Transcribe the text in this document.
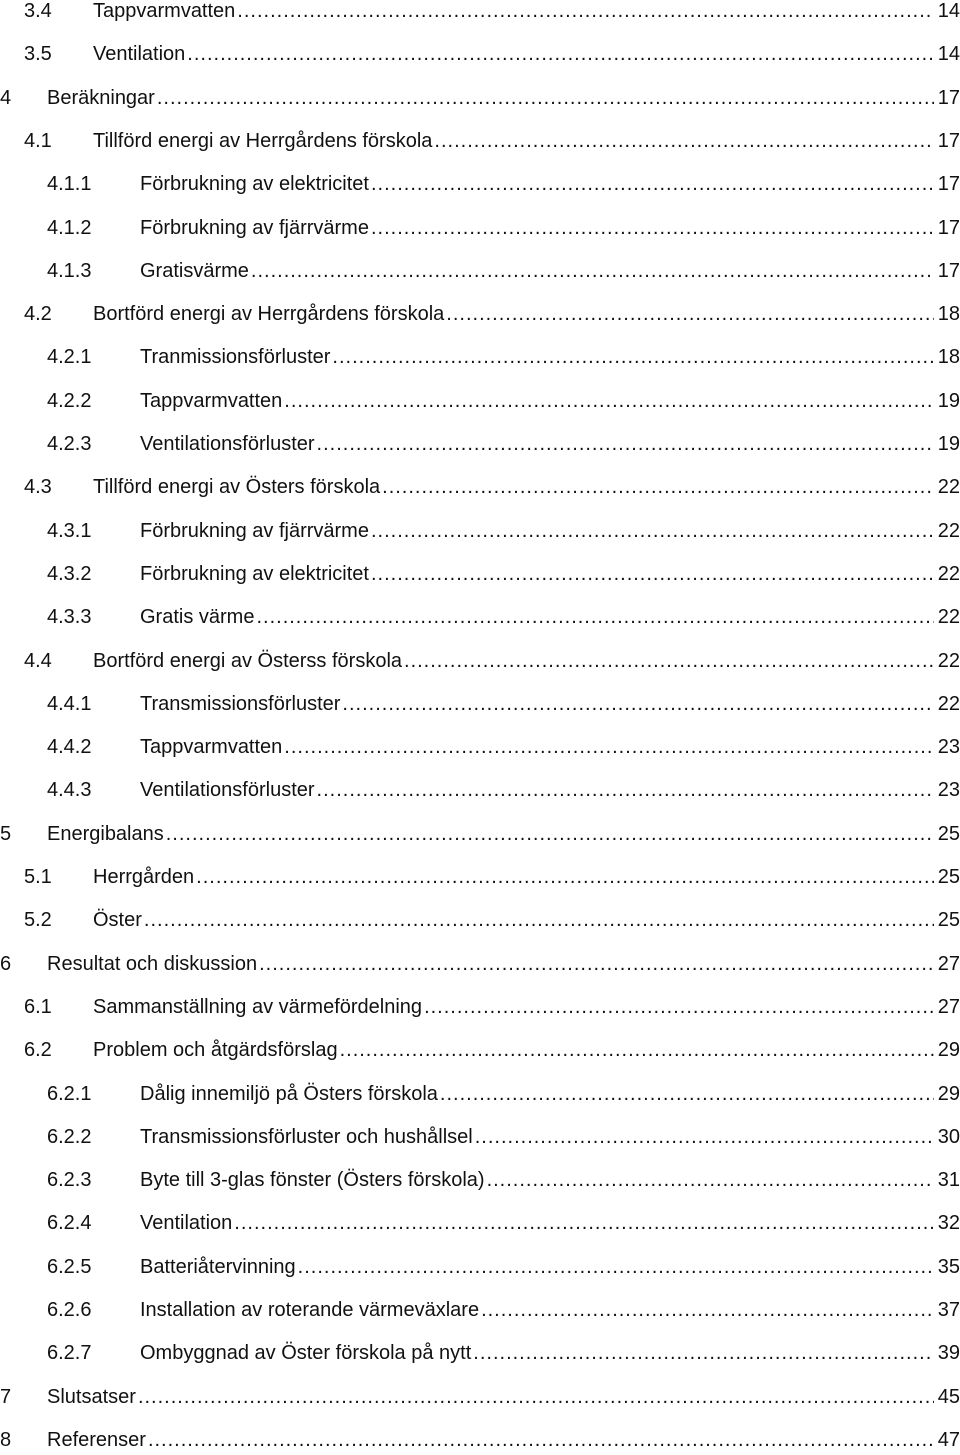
3.4 Tappvarmvatten .....	14
3.5 Ventilation .....	14
4 Beräkningar .....	17
4.1 Tillförd energi av Herrgårdens förskola .....	17
4.1.1 Förbrukning av elektricitet .....	17
4.1.2 Förbrukning av fjärrvärme .....	17
4.1.3 Gratisvärme .....	17
4.2 Bortförd energi av Herrgårdens förskola .....	18
4.2.1 Tranmissionsförluster .....	18
4.2.2 Tappvarmvatten .....	19
4.2.3 Ventilationsförluster .....	19
4.3 Tillförd energi av Östers förskola .....	22
4.3.1 Förbrukning av fjärrvärme .....	22
4.3.2 Förbrukning av elektricitet .....	22
4.3.3 Gratis värme .....	22
4.4 Bortförd energi av Österss förskola .....	22
4.4.1 Transmissionsförluster .....	22
4.4.2 Tappvarmvatten .....	23
4.4.3 Ventilationsförluster .....	23
5 Energibalans .....	25
5.1 Herrgården .....	25
5.2 Öster .....	25
6 Resultat och diskussion .....	27
6.1 Sammanställning av värmefördelning .....	27
6.2 Problem och åtgärdsförslag .....	29
6.2.1 Dålig innemiljö på Östers förskola .....	29
6.2.2 Transmissionsförluster och hushållsel .....	30
6.2.3 Byte till 3-glas fönster (Östers förskola) .....	31
6.2.4 Ventilation .....	32
6.2.5 Batteriåtervinning .....	35
6.2.6 Installation av roterande värmeväxlare .....	37
6.2.7 Ombyggnad av Öster förskola på nytt .....	39
7 Slutsatser .....	45
8 Referenser .....	47
